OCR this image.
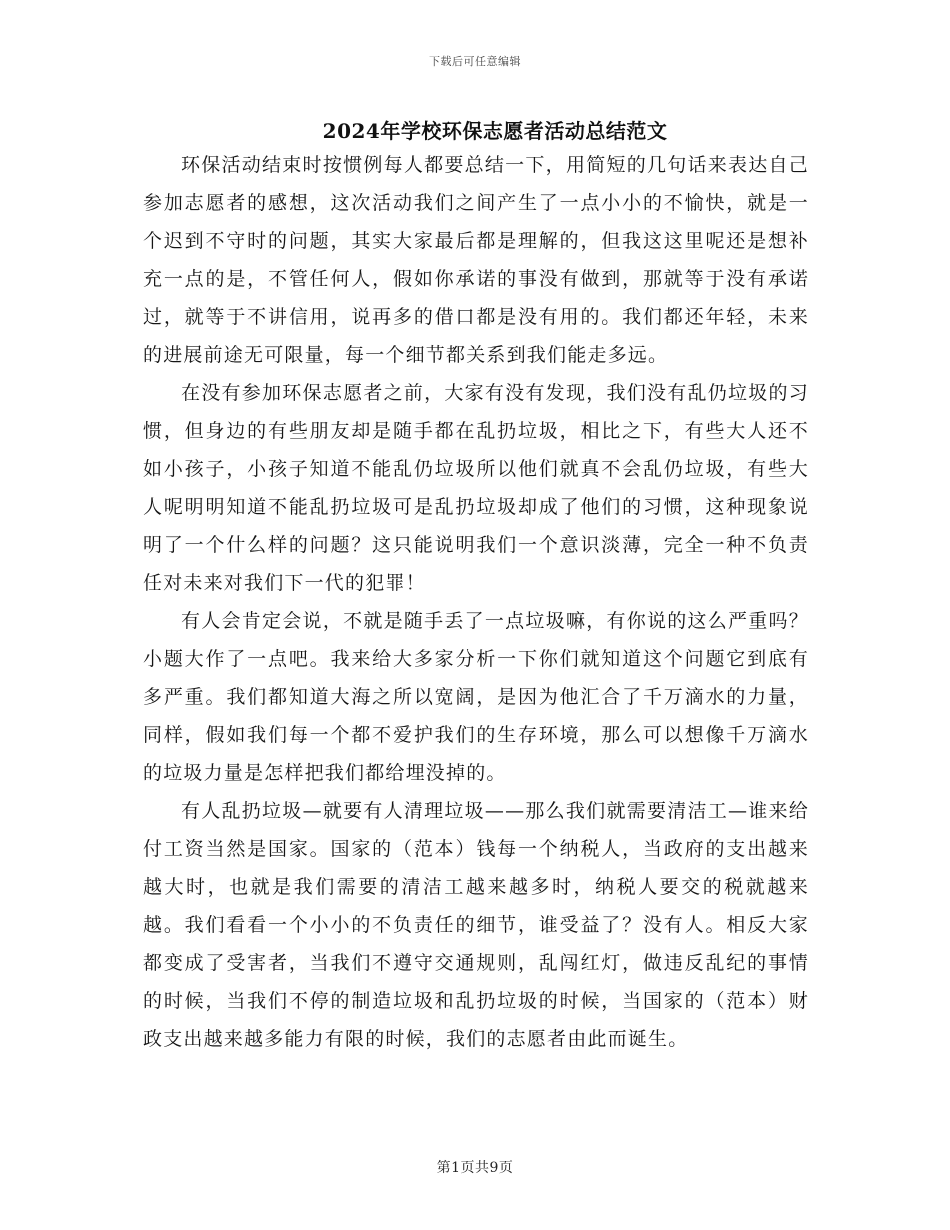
下载后可任意编辑
2024年学校环保志愿者活动总结范文

环保活动结束时按惯例每人都要总结一下，用简短的几句话来表达自己参加志愿者的感想，这次活动我们之间产生了一点小小的不愉快，就是一个迟到不守时的问题，其实大家最后都是理解的，但我这这里呢还是想补充一点的是，不管任何人，假如你承诺的事没有做到，那就等于没有承诺过，就等于不讲信用，说再多的借口都是没有用的。我们都还年轻，未来的进展前途无可限量，每一个细节都关系到我们能走多远。

在没有参加环保志愿者之前，大家有没有发现，我们没有乱仍垃圾的习惯，但身边的有些朋友却是随手都在乱扔垃圾，相比之下，有些大人还不如小孩子，小孩子知道不能乱仍垃圾所以他们就真不会乱仍垃圾，有些大人呢明明知道不能乱扔垃圾可是乱扔垃圾却成了他们的习惯，这种现象说明了一个什么样的问题？这只能说明我们一个意识淡薄，完全一种不负责任对未来对我们下一代的犯罪！

有人会肯定会说，不就是随手丢了一点垃圾嘛，有你说的这么严重吗？小题大作了一点吧。我来给大多家分析一下你们就知道这个问题它到底有多严重。我们都知道大海之所以宽阔，是因为他汇合了千万滴水的力量，同样，假如我们每一个都不爱护我们的生存环境，那么可以想像千万滴水的垃圾力量是怎样把我们都给埋没掉的。

有人乱扔垃圾—就要有人清理垃圾——那么我们就需要清洁工—谁来给付工资当然是国家。国家的（范本）钱每一个纳税人，当政府的支出越来越大时，也就是我们需要的清洁工越来越多时，纳税人要交的税就越来越。我们看看一个小小的不负责任的细节，谁受益了？没有人。相反大家都变成了受害者，当我们不遵守交通规则，乱闯红灯，做违反乱纪的事情的时候，当我们不停的制造垃圾和乱扔垃圾的时候，当国家的（范本）财政支出越来越多能力有限的时候，我们的志愿者由此而诞生。

第1页共9页
